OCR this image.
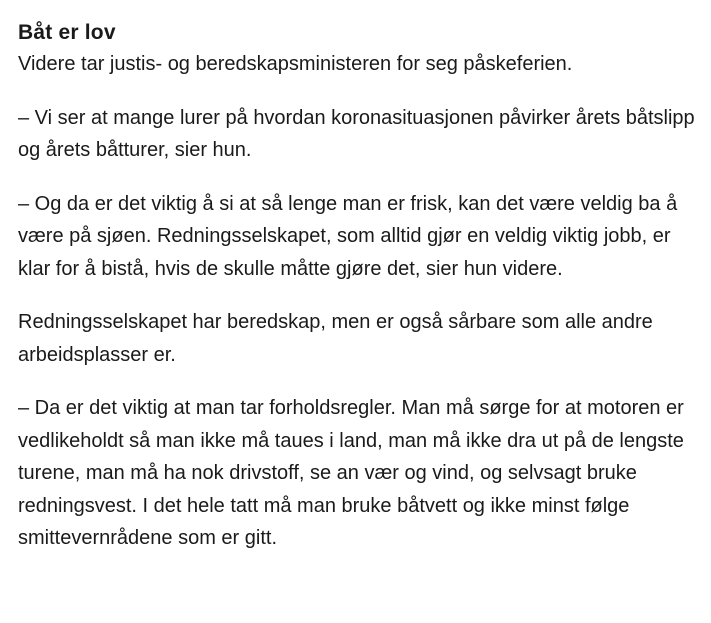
Båt er lov

Videre tar justis- og beredskapsministeren for seg påskeferien.

– Vi ser at mange lurer på hvordan koronasituasjonen påvirker årets båtslipp og årets båtturer, sier hun.

– Og da er det viktig å si at så lenge man er frisk, kan det være veldig ba å være på sjøen. Redningsselskapet, som alltid gjør en veldig viktig jobb, er klar for å bistå, hvis de skulle måtte gjøre det, sier hun videre.

Redningsselskapet har beredskap, men er også sårbare som alle andre arbeidsplasser er.

– Da er det viktig at man tar forholdsregler. Man må sørge for at motoren er vedlikeholdt så man ikke må taues i land, man må ikke dra ut på de lengste turene, man må ha nok drivstoff, se an vær og vind, og selvsagt bruke redningsvest. I det hele tatt må man bruke båtvett og ikke minst følge smittevernrådene som er gitt.
